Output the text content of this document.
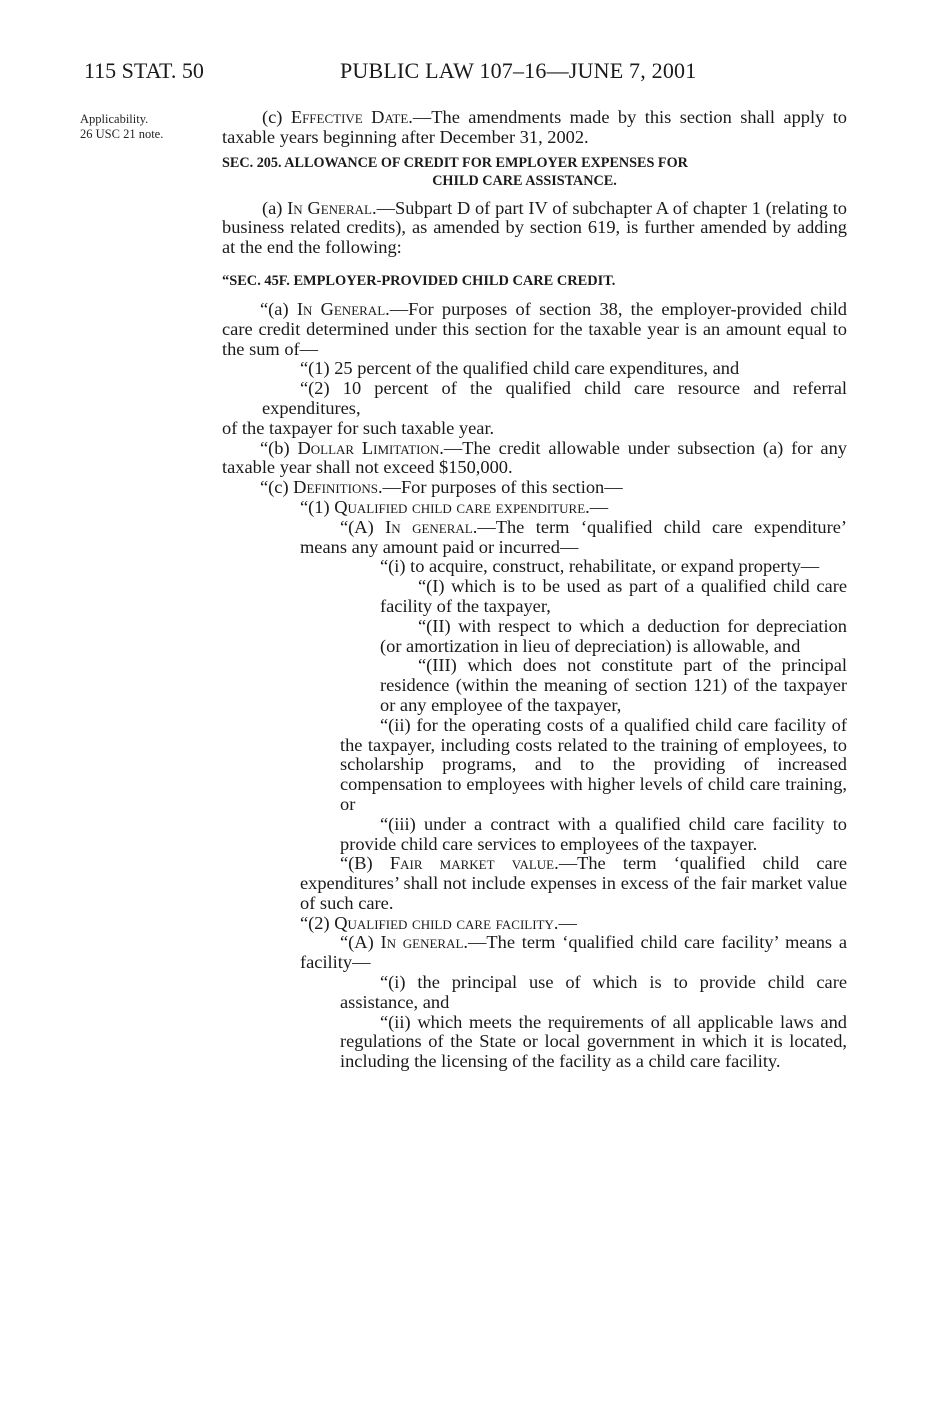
115 STAT. 50	PUBLIC LAW 107–16—JUNE 7, 2001
Applicability.
26 USC 21 note.

(c) Effective Date.—The amendments made by this section shall apply to taxable years beginning after December 31, 2002.

SEC. 205. ALLOWANCE OF CREDIT FOR EMPLOYER EXPENSES FOR
CHILD CARE ASSISTANCE.

(a) In General.—Subpart D of part IV of subchapter A of chapter 1 (relating to business related credits), as amended by section 619, is further amended by adding at the end the following:

“SEC. 45F. EMPLOYER-PROVIDED CHILD CARE CREDIT.

“(a) In General.—For purposes of section 38, the employer-provided child care credit determined under this section for the taxable year is an amount equal to the sum of—

“(1) 25 percent of the qualified child care expenditures, and

“(2) 10 percent of the qualified child care resource and referral expenditures,

of the taxpayer for such taxable year.

“(b) Dollar Limitation.—The credit allowable under subsection (a) for any taxable year shall not exceed $150,000.

“(c) Definitions.—For purposes of this section—

“(1) Qualified child care expenditure.—

“(A) In general.—The term ‘qualified child care expenditure’ means any amount paid or incurred—

“(i) to acquire, construct, rehabilitate, or expand property—

“(I) which is to be used as part of a qualified child care facility of the taxpayer,

“(II) with respect to which a deduction for depreciation (or amortization in lieu of depreciation) is allowable, and

“(III) which does not constitute part of the principal residence (within the meaning of section 121) of the taxpayer or any employee of the taxpayer,

“(ii) for the operating costs of a qualified child care facility of the taxpayer, including costs related to the training of employees, to scholarship programs, and to the providing of increased compensation to employees with higher levels of child care training, or

“(iii) under a contract with a qualified child care facility to provide child care services to employees of the taxpayer.

“(B) Fair market value.—The term ‘qualified child care expenditures’ shall not include expenses in excess of the fair market value of such care.

“(2) Qualified child care facility.—

“(A) In general.—The term ‘qualified child care facility’ means a facility—

“(i) the principal use of which is to provide child care assistance, and

“(ii) which meets the requirements of all applicable laws and regulations of the State or local government in which it is located, including the licensing of the facility as a child care facility.
